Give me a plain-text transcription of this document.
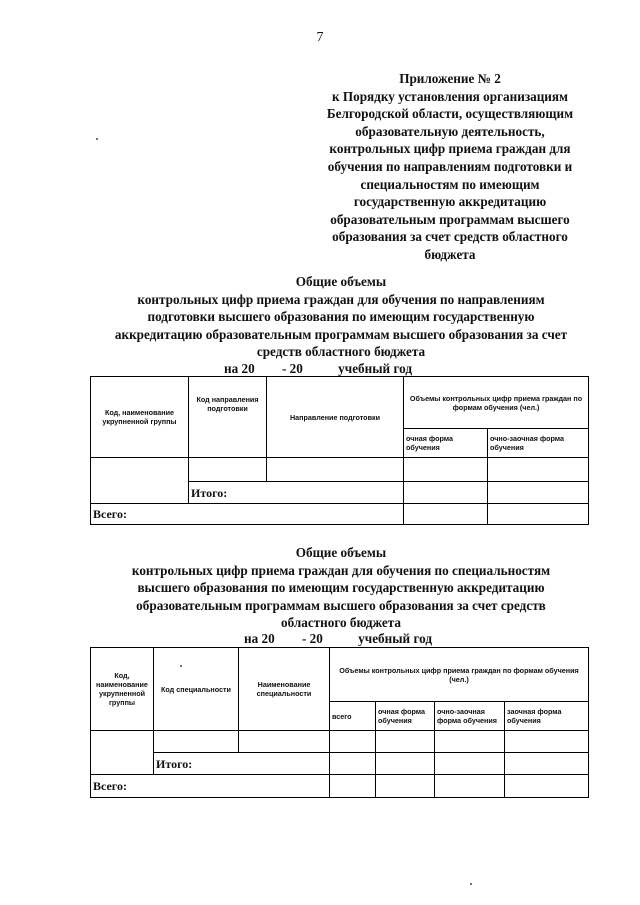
7
Приложение № 2
к Порядку установления организациям
Белгородской области, осуществляющим
образовательную деятельность,
контрольных цифр приема граждан для
обучения по направлениям подготовки и
специальностям по имеющим
государственную аккредитацию
образовательным программам высшего
образования за счет средств областного
бюджета
Общие объемы
контрольных цифр приема граждан для обучения по направлениям
подготовки высшего образования по имеющим государственную
аккредитацию образовательным программам высшего образования за счет
средств областного бюджета
на 20 - 20	учебный год
Код, наименование укрупненной группы	Код направления подготовки	Направление подготовки	Объемы контрольных цифр приема граждан по формам обучения (чел.)	
			очная форма обучения	очно-заочная форма обучения

	Итого:			
Всего:				
Общие объемы
контрольных цифр приема граждан для обучения по специальностям
высшего образования по имеющим государственную аккредитацию
образовательным программам высшего образования за счет средств
областного бюджета
на 20 - 20	учебный год
Код, наименование укрупненной группы	Код специальности	Наименование специальности	Объемы контрольных цифр приема граждан по формам обучения (чел.)			
			всего	очная форма обучения	очно-заочная форма обучения	заочная форма обучения

	Итого:					
Всего:						
